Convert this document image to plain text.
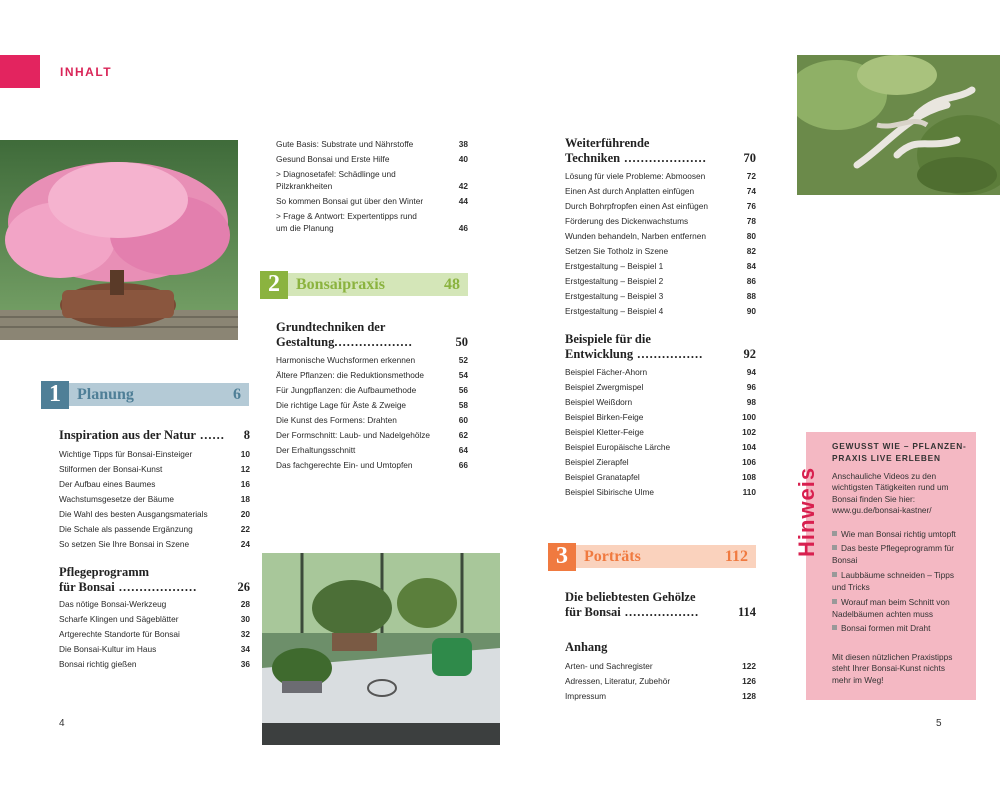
INHALT
1	Planung	6
Inspiration aus der Natur ...... 8
Wichtige Tipps für Bonsai-Einsteiger	10
Stilformen der Bonsai-Kunst	12
Der Aufbau eines Baumes	16
Wachstumsgesetze der Bäume	18
Die Wahl des besten Ausgangsmaterials	20
Die Schale als passende Ergänzung	22
So setzen Sie Ihre Bonsai in Szene	24
Pflegeprogramm
für Bonsai ...................	26
Das nötige Bonsai-Werkzeug	28
Scharfe Klingen und Sägeblätter	30
Artgerechte Standorte für Bonsai	32
Die Bonsai-Kultur im Haus	34
Bonsai richtig gießen	36
Gute Basis: Substrate und Nährstoffe	38
Gesund Bonsai und Erste Hilfe	40
> Diagnosetafel: Schädlinge und
Pilzkrankheiten	42
So kommen Bonsai gut über den Winter	44
> Frage & Antwort: Expertentipps rund
um die Planung	46
2	Bonsaipraxis	48
Grundtechniken der
Gestaltung...................	50
Harmonische Wuchsformen erkennen	52
Ältere Pflanzen: die Reduktionsmethode	54
Für Jungpflanzen: die Aufbaumethode	56
Die richtige Lage für Äste & Zweige	58
Die Kunst des Formens: Drahten	60
Der Formschnitt: Laub- und Nadelgehölze	62
Der Erhaltungsschnitt	64
Das fachgerechte Ein- und Umtopfen	66
Weiterführende
Techniken ....................	70
Lösung für viele Probleme: Abmoosen	72
Einen Ast durch Anplatten einfügen	74
Durch Bohrpfropfen einen Ast einfügen	76
Förderung des Dickenwachstums	78
Wunden behandeln, Narben entfernen	80
Setzen Sie Totholz in Szene	82
Erstgestaltung – Beispiel 1	84
Erstgestaltung – Beispiel 2	86
Erstgestaltung – Beispiel 3	88
Erstgestaltung – Beispiel 4	90
Beispiele für die
Entwicklung ................	92
Beispiel Fächer-Ahorn	94
Beispiel Zwergmispel	96
Beispiel Weißdorn	98
Beispiel Birken-Feige	100
Beispiel Kletter-Feige	102
Beispiel Europäische Lärche	104
Beispiel Zierapfel	106
Beispiel Granatapfel	108
Beispiel Sibirische Ulme	110
3	Porträts	112
Die beliebtesten Gehölze
für Bonsai ..................	114
Anhang
Arten- und Sachregister	122
Adressen, Literatur, Zubehör	126
Impressum	128
Hinweis
GEWUSST WIE – PFLANZEN-PRAXIS LIVE ERLEBEN
Anschauliche Videos zu den
wichtigsten Tätigkeiten rund um
Bonsai finden Sie hier:
www.gu.de/bonsai-kastner/
Wie man Bonsai richtig umtopft
Das beste Pflegeprogramm für Bonsai
Laubbäume schneiden – Tipps und Tricks
Worauf man beim Schnitt von Nadelbäumen achten muss
Bonsai formen mit Draht
Mit diesen nützlichen Praxistipps
steht Ihrer Bonsai-Kunst nichts
mehr im Weg!
4	5
